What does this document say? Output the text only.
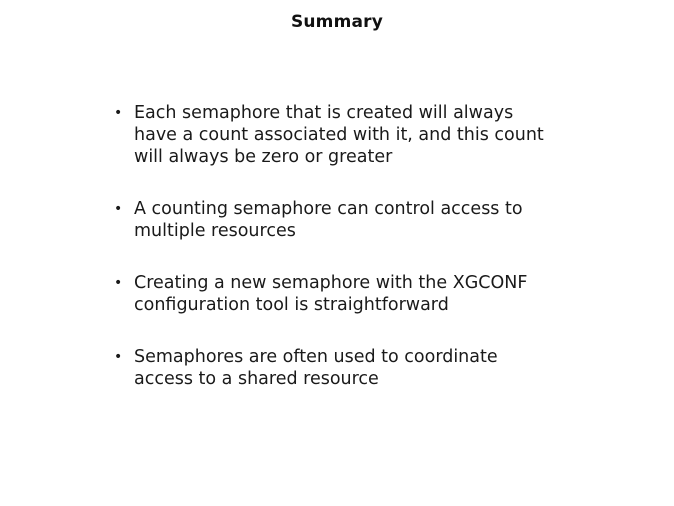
Summary
• Each semaphore that is created will always
have a count associated with it, and this count
will always be zero or greater
• A counting semaphore can control access to
multiple resources
• Creating a new semaphore with the XGCONF
configuration tool is straightforward
• Semaphores are often used to coordinate
access to a shared resource
